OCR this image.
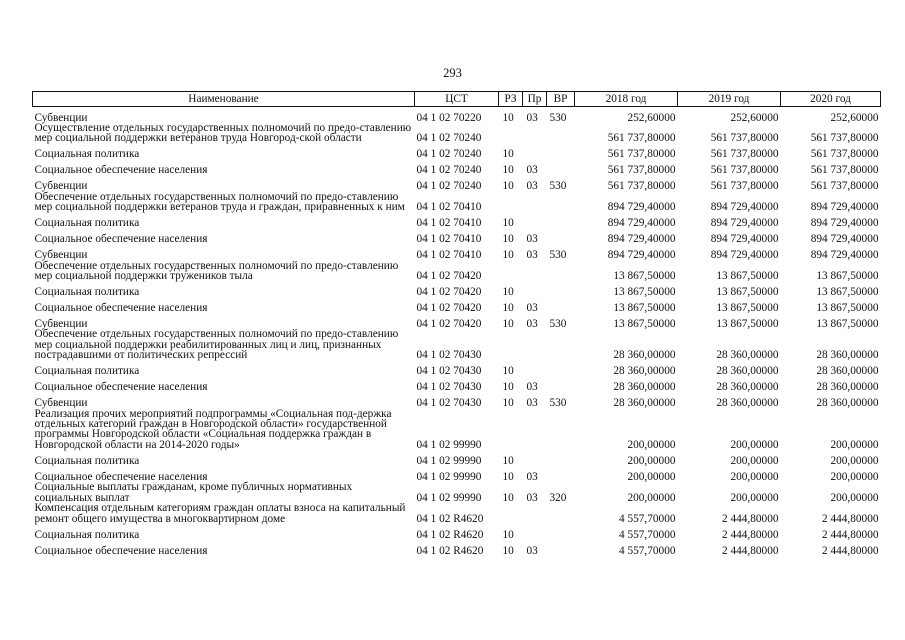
293
Наименование	ЦСТ	РЗ	Пр	ВР	2018 год	2019 год	2020 год
Субвенции	04 1 02 70220	10	03	530	252,60000	252,60000	252,60000
Осуществление отдельных государственных полномочий по предо-ставлению мер социальной поддержки ветеранов труда Новгород-ской области	04 1 02 70240				561 737,80000	561 737,80000	561 737,80000
Социальная политика	04 1 02 70240	10			561 737,80000	561 737,80000	561 737,80000
Социальное обеспечение населения	04 1 02 70240	10	03		561 737,80000	561 737,80000	561 737,80000
Субвенции	04 1 02 70240	10	03	530	561 737,80000	561 737,80000	561 737,80000
Обеспечение отдельных государственных полномочий по предо-ставлению мер социальной поддержки ветеранов труда и граждан, приравненных к ним	04 1 02 70410				894 729,40000	894 729,40000	894 729,40000
Социальная политика	04 1 02 70410	10			894 729,40000	894 729,40000	894 729,40000
Социальное обеспечение населения	04 1 02 70410	10	03		894 729,40000	894 729,40000	894 729,40000
Субвенции	04 1 02 70410	10	03	530	894 729,40000	894 729,40000	894 729,40000
Обеспечение отдельных государственных полномочий по предо-ставлению мер социальной поддержки тружеников тыла	04 1 02 70420				13 867,50000	13 867,50000	13 867,50000
Социальная политика	04 1 02 70420	10			13 867,50000	13 867,50000	13 867,50000
Социальное обеспечение населения	04 1 02 70420	10	03		13 867,50000	13 867,50000	13 867,50000
Субвенции	04 1 02 70420	10	03	530	13 867,50000	13 867,50000	13 867,50000
Обеспечение отдельных государственных полномочий по предо-ставлению мер социальной поддержки реабилитированных лиц и лиц, признанных пострадавшими от политических репрессий	04 1 02 70430				28 360,00000	28 360,00000	28 360,00000
Социальная политика	04 1 02 70430	10			28 360,00000	28 360,00000	28 360,00000
Социальное обеспечение населения	04 1 02 70430	10	03		28 360,00000	28 360,00000	28 360,00000
Субвенции	04 1 02 70430	10	03	530	28 360,00000	28 360,00000	28 360,00000
Реализация прочих мероприятий подпрограммы «Социальная под-держка отдельных категорий граждан в Новгородской области» государственной программы Новгородской области «Социальная поддержка граждан в Новгородской области на 2014-2020 годы»	04 1 02 99990				200,00000	200,00000	200,00000
Социальная политика	04 1 02 99990	10			200,00000	200,00000	200,00000
Социальное обеспечение населения	04 1 02 99990	10	03		200,00000	200,00000	200,00000
Социальные выплаты гражданам, кроме публичных нормативных социальных выплат	04 1 02 99990	10	03	320	200,00000	200,00000	200,00000
Компенсация отдельным категориям граждан оплаты взноса на капитальный ремонт общего имущества в многоквартирном доме	04 1 02 R4620				4 557,70000	2 444,80000	2 444,80000
Социальная политика	04 1 02 R4620	10			4 557,70000	2 444,80000	2 444,80000
Социальное обеспечение населения	04 1 02 R4620	10	03		4 557,70000	2 444,80000	2 444,80000
